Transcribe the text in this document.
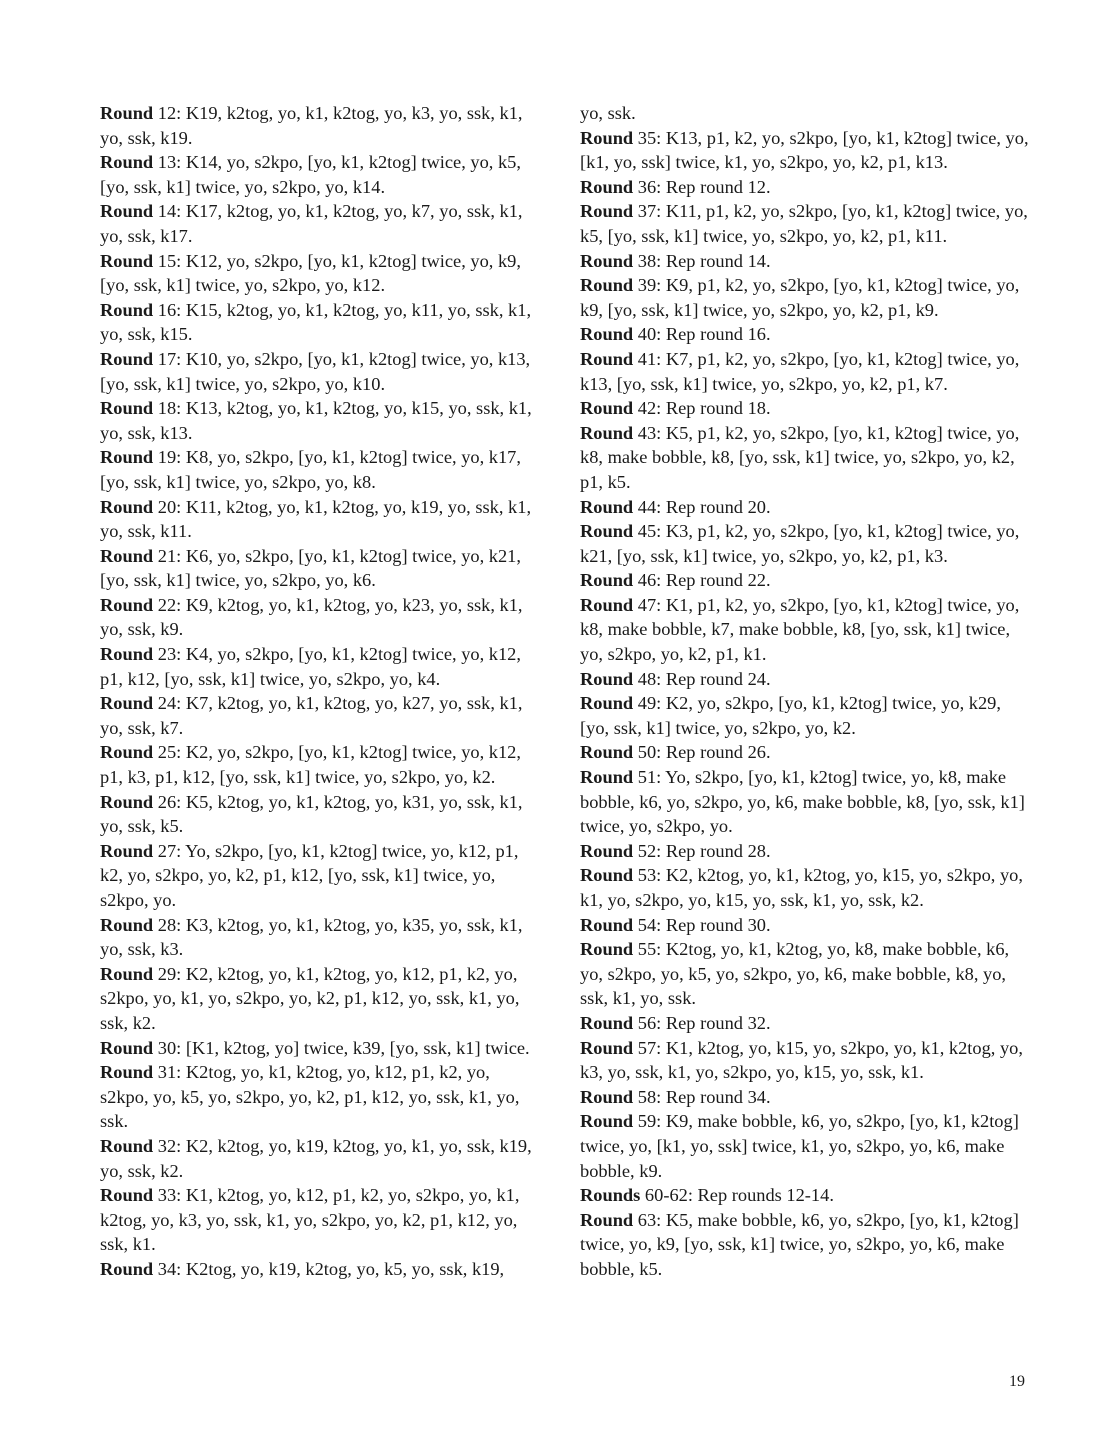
Round 12: K19, k2tog, yo, k1, k2tog, yo, k3, yo, ssk, k1, yo, ssk, k19.

Round 13: K14, yo, s2kpo, [yo, k1, k2tog] twice, yo, k5, [yo, ssk, k1] twice, yo, s2kpo, yo, k14.

Round 14: K17, k2tog, yo, k1, k2tog, yo, k7, yo, ssk, k1, yo, ssk, k17.

Round 15: K12, yo, s2kpo, [yo, k1, k2tog] twice, yo, k9, [yo, ssk, k1] twice, yo, s2kpo, yo, k12.

Round 16: K15, k2tog, yo, k1, k2tog, yo, k11, yo, ssk, k1, yo, ssk, k15.

Round 17: K10, yo, s2kpo, [yo, k1, k2tog] twice, yo, k13, [yo, ssk, k1] twice, yo, s2kpo, yo, k10.

Round 18: K13, k2tog, yo, k1, k2tog, yo, k15, yo, ssk, k1, yo, ssk, k13.

Round 19: K8, yo, s2kpo, [yo, k1, k2tog] twice, yo, k17, [yo, ssk, k1] twice, yo, s2kpo, yo, k8.

Round 20: K11, k2tog, yo, k1, k2tog, yo, k19, yo, ssk, k1, yo, ssk, k11.

Round 21: K6, yo, s2kpo, [yo, k1, k2tog] twice, yo, k21, [yo, ssk, k1] twice, yo, s2kpo, yo, k6.

Round 22: K9, k2tog, yo, k1, k2tog, yo, k23, yo, ssk, k1, yo, ssk, k9.

Round 23: K4, yo, s2kpo, [yo, k1, k2tog] twice, yo, k12, p1, k12, [yo, ssk, k1] twice, yo, s2kpo, yo, k4.

Round 24: K7, k2tog, yo, k1, k2tog, yo, k27, yo, ssk, k1, yo, ssk, k7.

Round 25: K2, yo, s2kpo, [yo, k1, k2tog] twice, yo, k12, p1, k3, p1, k12, [yo, ssk, k1] twice, yo, s2kpo, yo, k2.

Round 26: K5, k2tog, yo, k1, k2tog, yo, k31, yo, ssk, k1, yo, ssk, k5.

Round 27: Yo, s2kpo, [yo, k1, k2tog] twice, yo, k12, p1, k2, yo, s2kpo, yo, k2, p1, k12, [yo, ssk, k1] twice, yo, s2kpo, yo.

Round 28: K3, k2tog, yo, k1, k2tog, yo, k35, yo, ssk, k1, yo, ssk, k3.

Round 29: K2, k2tog, yo, k1, k2tog, yo, k12, p1, k2, yo, s2kpo, yo, k1, yo, s2kpo, yo, k2, p1, k12, yo, ssk, k1, yo, ssk, k2.

Round 30: [K1, k2tog, yo] twice, k39, [yo, ssk, k1] twice.

Round 31: K2tog, yo, k1, k2tog, yo, k12, p1, k2, yo, s2kpo, yo, k5, yo, s2kpo, yo, k2, p1, k12, yo, ssk, k1, yo, ssk.

Round 32: K2, k2tog, yo, k19, k2tog, yo, k1, yo, ssk, k19, yo, ssk, k2.

Round 33: K1, k2tog, yo, k12, p1, k2, yo, s2kpo, yo, k1, k2tog, yo, k3, yo, ssk, k1, yo, s2kpo, yo, k2, p1, k12, yo, ssk, k1.

Round 34: K2tog, yo, k19, k2tog, yo, k5, yo, ssk, k19,

yo, ssk.

Round 35: K13, p1, k2, yo, s2kpo, [yo, k1, k2tog] twice, yo, [k1, yo, ssk] twice, k1, yo, s2kpo, yo, k2, p1, k13.

Round 36: Rep round 12.

Round 37: K11, p1, k2, yo, s2kpo, [yo, k1, k2tog] twice, yo, k5, [yo, ssk, k1] twice, yo, s2kpo, yo, k2, p1, k11.

Round 38: Rep round 14.

Round 39: K9, p1, k2, yo, s2kpo, [yo, k1, k2tog] twice, yo, k9, [yo, ssk, k1] twice, yo, s2kpo, yo, k2, p1, k9.

Round 40: Rep round 16.

Round 41: K7, p1, k2, yo, s2kpo, [yo, k1, k2tog] twice, yo, k13, [yo, ssk, k1] twice, yo, s2kpo, yo, k2, p1, k7.

Round 42: Rep round 18.

Round 43: K5, p1, k2, yo, s2kpo, [yo, k1, k2tog] twice, yo, k8, make bobble, k8, [yo, ssk, k1] twice, yo, s2kpo, yo, k2, p1, k5.

Round 44: Rep round 20.

Round 45: K3, p1, k2, yo, s2kpo, [yo, k1, k2tog] twice, yo, k21, [yo, ssk, k1] twice, yo, s2kpo, yo, k2, p1, k3.

Round 46: Rep round 22.

Round 47: K1, p1, k2, yo, s2kpo, [yo, k1, k2tog] twice, yo, k8, make bobble, k7, make bobble, k8, [yo, ssk, k1] twice, yo, s2kpo, yo, k2, p1, k1.

Round 48: Rep round 24.

Round 49: K2, yo, s2kpo, [yo, k1, k2tog] twice, yo, k29, [yo, ssk, k1] twice, yo, s2kpo, yo, k2.

Round 50: Rep round 26.

Round 51: Yo, s2kpo, [yo, k1, k2tog] twice, yo, k8, make bobble, k6, yo, s2kpo, yo, k6, make bobble, k8, [yo, ssk, k1] twice, yo, s2kpo, yo.

Round 52: Rep round 28.

Round 53: K2, k2tog, yo, k1, k2tog, yo, k15, yo, s2kpo, yo, k1, yo, s2kpo, yo, k15, yo, ssk, k1, yo, ssk, k2.

Round 54: Rep round 30.

Round 55: K2tog, yo, k1, k2tog, yo, k8, make bobble, k6, yo, s2kpo, yo, k5, yo, s2kpo, yo, k6, make bobble, k8, yo, ssk, k1, yo, ssk.

Round 56: Rep round 32.

Round 57: K1, k2tog, yo, k15, yo, s2kpo, yo, k1, k2tog, yo, k3, yo, ssk, k1, yo, s2kpo, yo, k15, yo, ssk, k1.

Round 58: Rep round 34.

Round 59: K9, make bobble, k6, yo, s2kpo, [yo, k1, k2tog] twice, yo, [k1, yo, ssk] twice, k1, yo, s2kpo, yo, k6, make bobble, k9.

Rounds 60-62: Rep rounds 12-14.

Round 63: K5, make bobble, k6, yo, s2kpo, [yo, k1, k2tog] twice, yo, k9, [yo, ssk, k1] twice, yo, s2kpo, yo, k6, make bobble, k5.

19
